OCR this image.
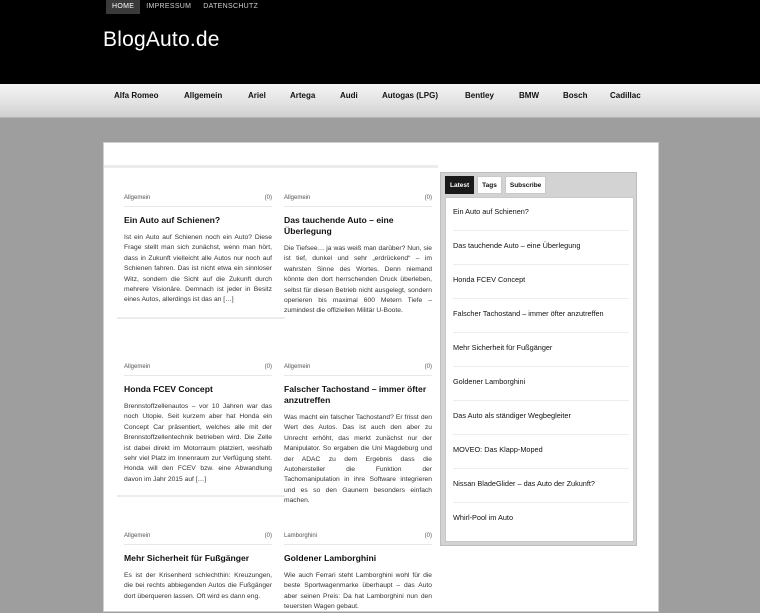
HOME	IMPRESSUM	DATENSCHUTZ
BlogAuto.de
Alfa Romeo	Allgemein	Ariel	Artega	Audi	Autogas (LPG)	Bentley	BMW	Bosch	Cadillac
Allgemein	(0)
Ein Auto auf Schienen?

Ist ein Auto auf Schienen noch ein Auto? Diese Frage stellt man sich zunächst, wenn man hört, dass in Zukunft vielleicht alle Autos nur noch auf Schienen fahren. Das ist nicht etwa ein sinnloser Witz, sondern die Sicht auf die Zukunft durch mehrere Visionäre. Demnach ist jeder in Besitz eines Autos, allerdings ist das an […]

Allgemein	(0)
Das tauchende Auto – eine Überlegung

Die Tiefsee… ja was weiß man darüber? Nun, sie ist tief, dunkel und sehr „erdrückend“ – im wahrsten Sinne des Wortes. Denn niemand könnte den dort herrschenden Druck überleben, selbst für diesen Betrieb nicht ausgelegt, sondern operieren bis maximal 600 Metern Tiefe – zumindest die offiziellen Militär U-Boote.

Allgemein	(0)
Honda FCEV Concept

Brennstoffzellenautos – vor 10 Jahren war das noch Utopie. Seit kurzem aber hat Honda ein Concept Car präsentiert, welches alle mit der Brennstoffzellentechnik betrieben wird. Die Zelle ist dabei direkt im Motorraum platziert, weshalb sehr viel Platz im Innenraum zur Verfügung steht. Honda will den FCEV bzw. eine Abwandlung davon im Jahr 2015 auf […]

Allgemein	(0)
Falscher Tachostand – immer öfter anzutreffen

Was macht ein falscher Tachostand? Er frisst den Wert des Autos. Das ist auch den aber zu Unrecht erhöht, das merkt zunächst nur der Manipulator. So ergaben die Uni Magdeburg und der ADAC zu dem Ergebnis dass die Autohersteller die Funktion der Tachomanipulation in ihre Software integrieren und es so den Gaunern besonders einfach machen.

Allgemein	(0)
Mehr Sicherheit für Fußgänger

Es ist der Krisenherd schlechthin: Kreuzungen, die bei rechts abbiegenden Autos die Fußgänger dort überqueren lassen. Oft wird es dann eng.

Lamborghini	(0)
Goldener Lamborghini

Wie auch Ferrari steht Lamborghini wohl für die beste Sportwagenmarke überhaupt – das Auto aber seinen Preis: Da hat Lamborghini nun den teuersten Wagen gebaut.

Latest	Tags	Subscribe
Ein Auto auf Schienen?
Das tauchende Auto – eine Überlegung
Honda FCEV Concept
Falscher Tachostand – immer öfter anzutreffen
Mehr Sicherheit für Fußgänger
Goldener Lamborghini
Das Auto als ständiger Wegbegleiter
MOVEO: Das Klapp-Moped
Nissan BladeGlider – das Auto der Zukunft?
Whirl-Pool im Auto
